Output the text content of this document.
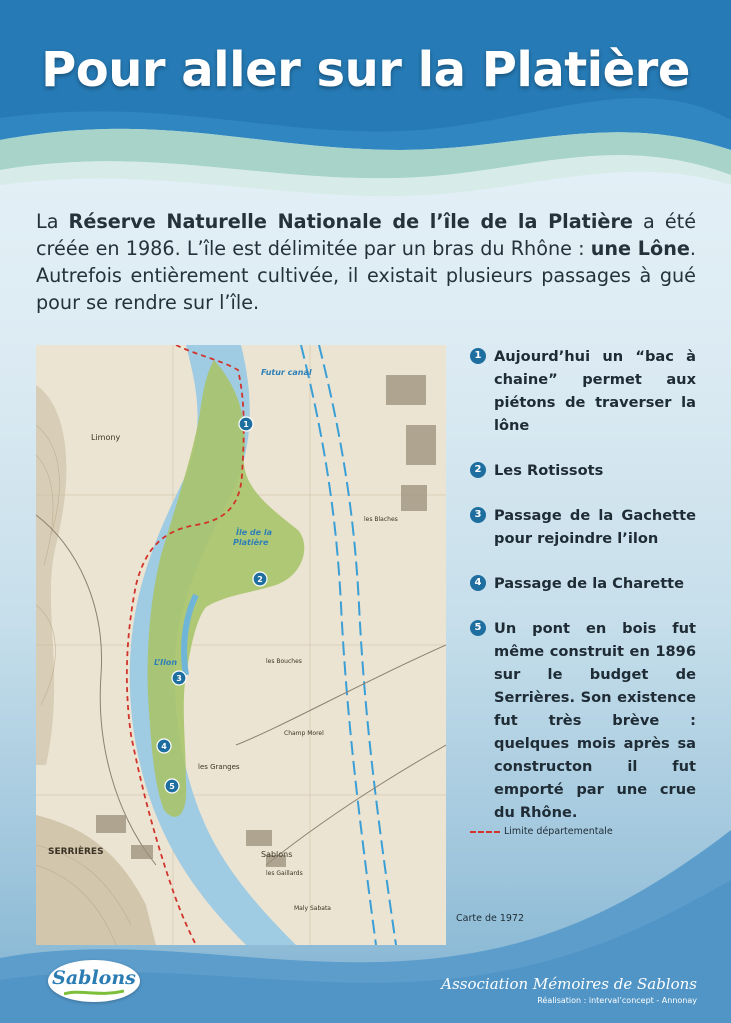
Pour aller sur la Platière
La Réserve Naturelle Nationale de l’île de la Platière a été créée en 1986. L’île est délimitée par un bras du Rhône : une Lône. Autrefois entièrement cultivée, il existait plusieurs passages à gué pour se rendre sur l’île.
Futur canal
Île de la
Platière
L’Ilon
Limony
SERRIÈRES	Sablons
les Granges
les Blaches
les Gaillards
Maly Sabata
Champ Morel
les Bouches
1
2
3
4
5
1 Aujourd’hui un “bac à chaine” permet aux piétons de traverser la lône
2 Les Rotissots
3 Passage de la Gachette pour rejoindre l’ilon
4 Passage de la Charette
5 Un pont en bois fut même construit en 1896 sur le budget de Serrières. Son existence fut très brève : quelques mois après sa constructon il fut emporté par une crue du Rhône.
Limite départementale
Carte de 1972
Sablons	Association Mémoires de Sablons
Réalisation : interval’concept - Annonay
